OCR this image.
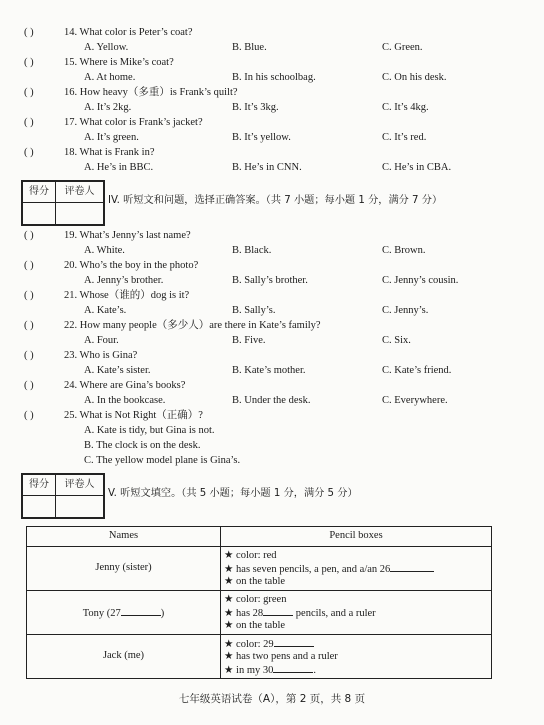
( )	14. What color is Peter’s coat?
A. Yellow.	B. Blue.	C. Green.
( )	15. Where is Mike’s coat?
A. At home.	B. In his schoolbag.	C. On his desk.
( )	16. How heavy（多重）is Frank’s quilt?
A. It’s 2kg.	B. It’s 3kg.	C. It’s 4kg.
( )	17. What color is Frank’s jacket?
A. It’s green.	B. It’s yellow.	C. It’s red.
( )	18. What is Frank in?
A. He’s in BBC.	B. He’s in CNN.	C. He’s in CBA.
得分	评卷人
IV. 听短文和问题，选择正确答案。（共 7 小题；每小题 1 分，满分 7 分）
( )	19. What’s Jenny’s last name?
A. White.	B. Black.	C. Brown.
( )	20. Who’s the boy in the photo?
A. Jenny’s brother.	B. Sally’s brother.	C. Jenny’s cousin.
( )	21. Whose（谁的）dog is it?
A. Kate’s.	B. Sally’s.	C. Jenny’s.
( )	22. How many people（多少人）are there in Kate’s family?
A. Four.	B. Five.	C. Six.
( )	23. Who is Gina?
A. Kate’s sister.	B. Kate’s mother.	C. Kate’s friend.
( )	24. Where are Gina’s books?
A. In the bookcase.	B. Under the desk.	C. Everywhere.
( )	25. What is Not Right（正确）?
A. Kate is tidy, but Gina is not.
B. The clock is on the desk.
C. The yellow model plane is Gina’s.
得分	评卷人
V. 听短文填空。（共 5 小题；每小题 1 分，满分 5 分）
Names	Pencil boxes
Jenny (sister)	★ color: red
★ has seven pencils, a pen, and a/an 26
★ on the table

Tony (27 )	★ color: green
★ has 28 pencils, and a ruler
★ on the table

Jack (me)	★ color: 29
★ has two pens and a ruler
★ in my 30 .
七年级英语试卷（A），第 2 页，共 8 页
